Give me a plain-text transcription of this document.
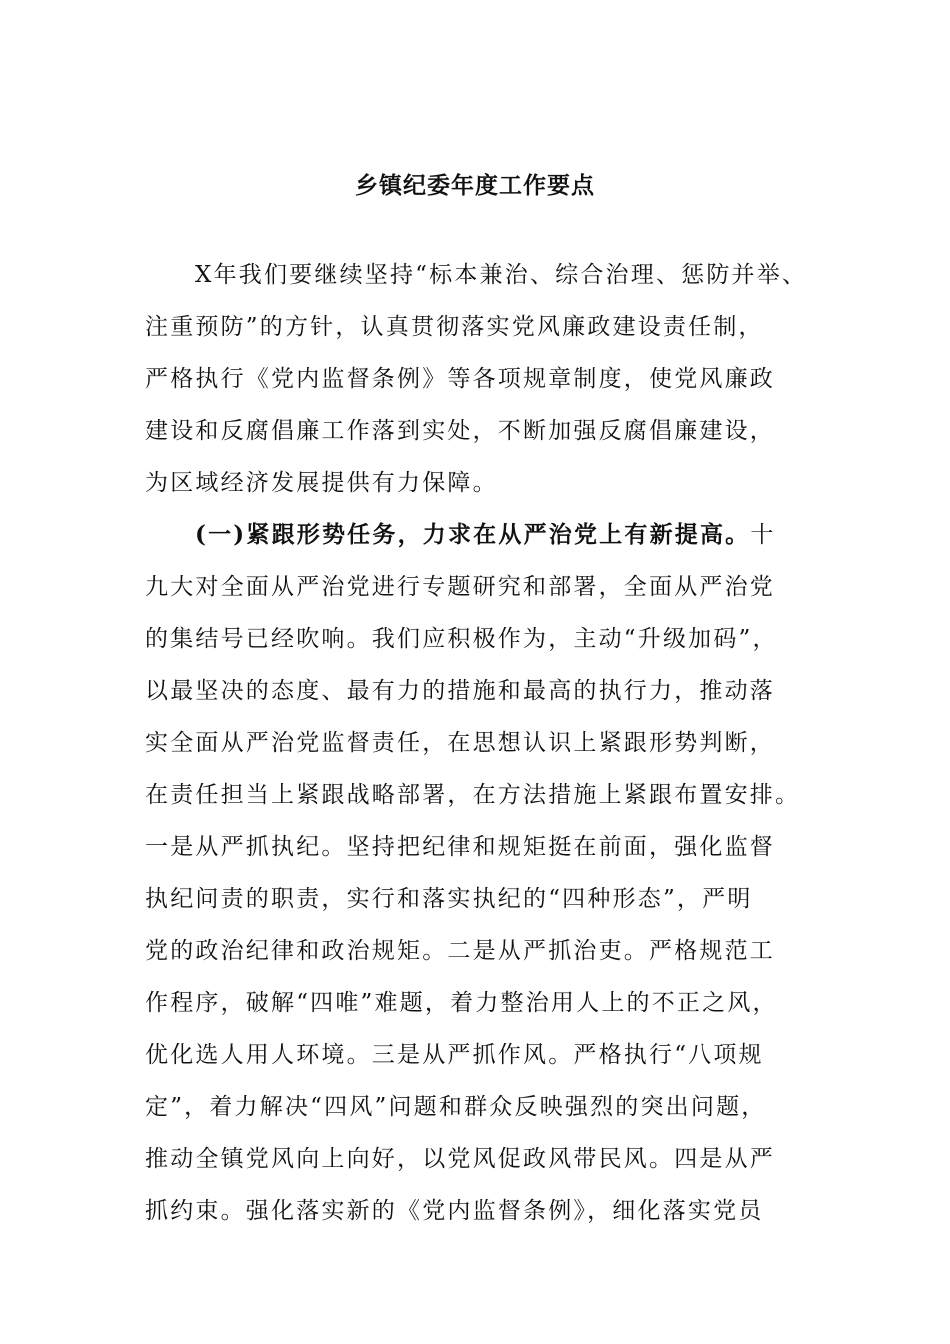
乡镇纪委年度工作要点
X年我们要继续坚持“标本兼治、综合治理、惩防并举、
注重预防”的方针，认真贯彻落实党风廉政建设责任制，
严格执行《党内监督条例》等各项规章制度，使党风廉政
建设和反腐倡廉工作落到实处，不断加强反腐倡廉建设，
为区域经济发展提供有力保障。
(一)紧跟形势任务，力求在从严治党上有新提高。十
九大对全面从严治党进行专题研究和部署，全面从严治党
的集结号已经吹响。我们应积极作为，主动“升级加码”，
以最坚决的态度、最有力的措施和最高的执行力，推动落
实全面从严治党监督责任，在思想认识上紧跟形势判断，
在责任担当上紧跟战略部署，在方法措施上紧跟布置安排。
一是从严抓执纪。坚持把纪律和规矩挺在前面，强化监督
执纪问责的职责，实行和落实执纪的“四种形态”，严明
党的政治纪律和政治规矩。二是从严抓治吏。严格规范工
作程序，破解“四唯”难题，着力整治用人上的不正之风，
优化选人用人环境。三是从严抓作风。严格执行“八项规
定”，着力解决“四风”问题和群众反映强烈的突出问题，
推动全镇党风向上向好，以党风促政风带民风。四是从严
抓约束。强化落实新的《党内监督条例》，细化落实党员
